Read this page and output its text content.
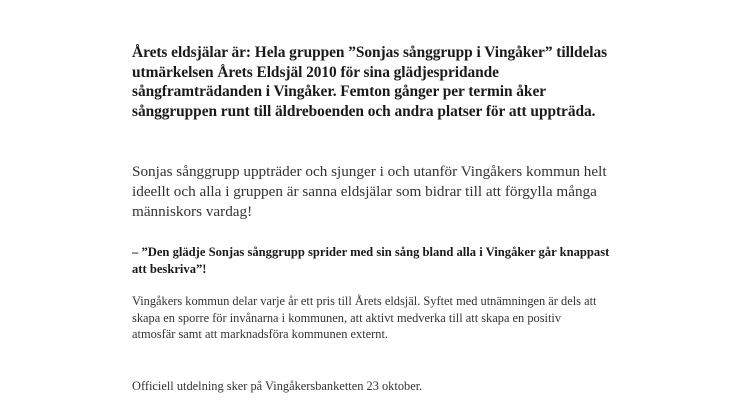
Årets eldsjälar är: Hela gruppen ”Sonjas sånggrupp i Vingåker” tilldelas utmärkelsen Årets Eldsjäl 2010 för sina glädjespridande sångframträdanden i Vingåker. Femton gånger per termin åker sånggruppen runt till äldreboenden och andra platser för att uppträda.

Sonjas sånggrupp uppträder och sjunger i och utanför Vingåkers kommun helt ideellt och alla i gruppen är sanna eldsjälar som bidrar till att förgylla många människors vardag!

– ”Den glädje Sonjas sånggrupp sprider med sin sång bland alla i Vingåker går knappast att beskriva”!

Vingåkers kommun delar varje år ett pris till Årets eldsjäl. Syftet med utnämningen är dels att skapa en sporre för invånarna i kommunen, att aktivt medverka till att skapa en positiv atmosfär samt att marknadsföra kommunen externt.

Officiell utdelning sker på Vingåkersbanketten 23 oktober.
